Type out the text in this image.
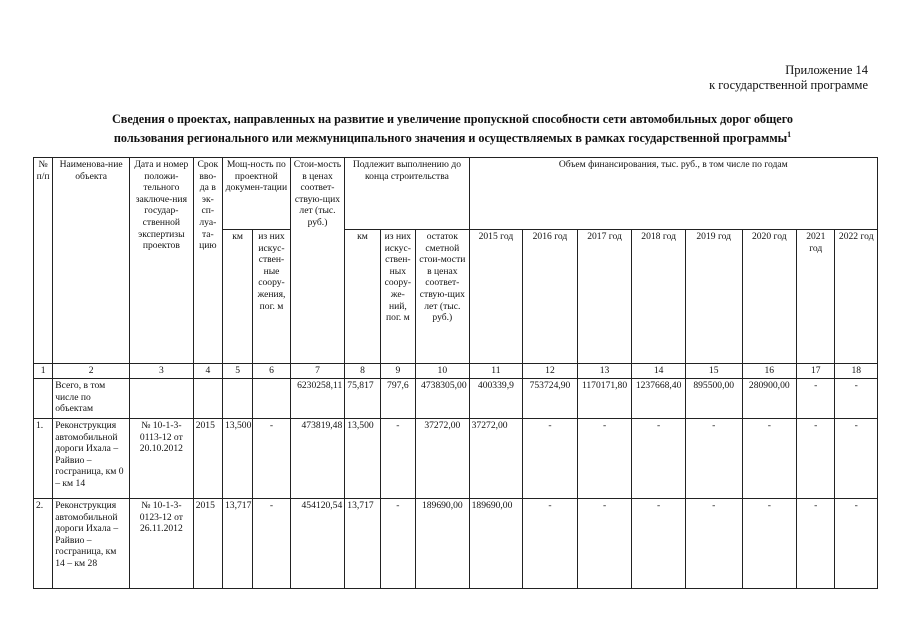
Приложение 14
к государственной программе
Сведения о проектах, направленных на развитие и увеличение пропускной способности сети автомобильных дорог общего
пользования регионального или межмуниципального значения и осуществляемых в рамках государственной программы$^1$
№ п/п	Наименова-ние объекта	Дата и номер положи-тельного заключе-ния государ-ственной экспертизы проектов	Срок вво-да в эк-сп-луа-та-цию	Мощ-ность по проектной докумен-тации		Стои-мость в ценах соответ-ствую-щих лет (тыс. руб.)	Подлежит выполнению до конца строительства			Объем финансирования, тыс. руб., в том числе по годам							
				км	из них искус-ствен-ные соору-жения, пог. м		км	из них искус-ствен-ных соору-же-ний, пог. м	остаток сметной стои-мости в ценах соответ-ствую-щих лет (тыс. руб.)	2015 год	2016 год	2017 год	2018 год	2019 год	2020 год	2021 год	2022 год
1	2	3	4	5	6	7	8	9	10	11	12	13	14	15	16	17	18
	Всего, в том числе по объектам					6230258,11	75,817	797,6	4738305,00	400339,9	753724,90	1170171,80	1237668,40	895500,00	280900,00	-	-
1.	Реконструкция автомобильной дороги Ихала – Райвио – госграница, км 0 – км 14	№ 10-1-3-0113-12 от 20.10.2012	2015	13,500	-	473819,48	13,500	-	37272,00	37272,00	-	-	-	-	-	-	-
2.	Реконструкция автомобильной дороги Ихала – Райвио – госграница, км 14 – км 28	№ 10-1-3-0123-12 от 26.11.2012	2015	13,717	-	454120,54	13,717	-	189690,00	189690,00	-	-	-	-	-	-	-
